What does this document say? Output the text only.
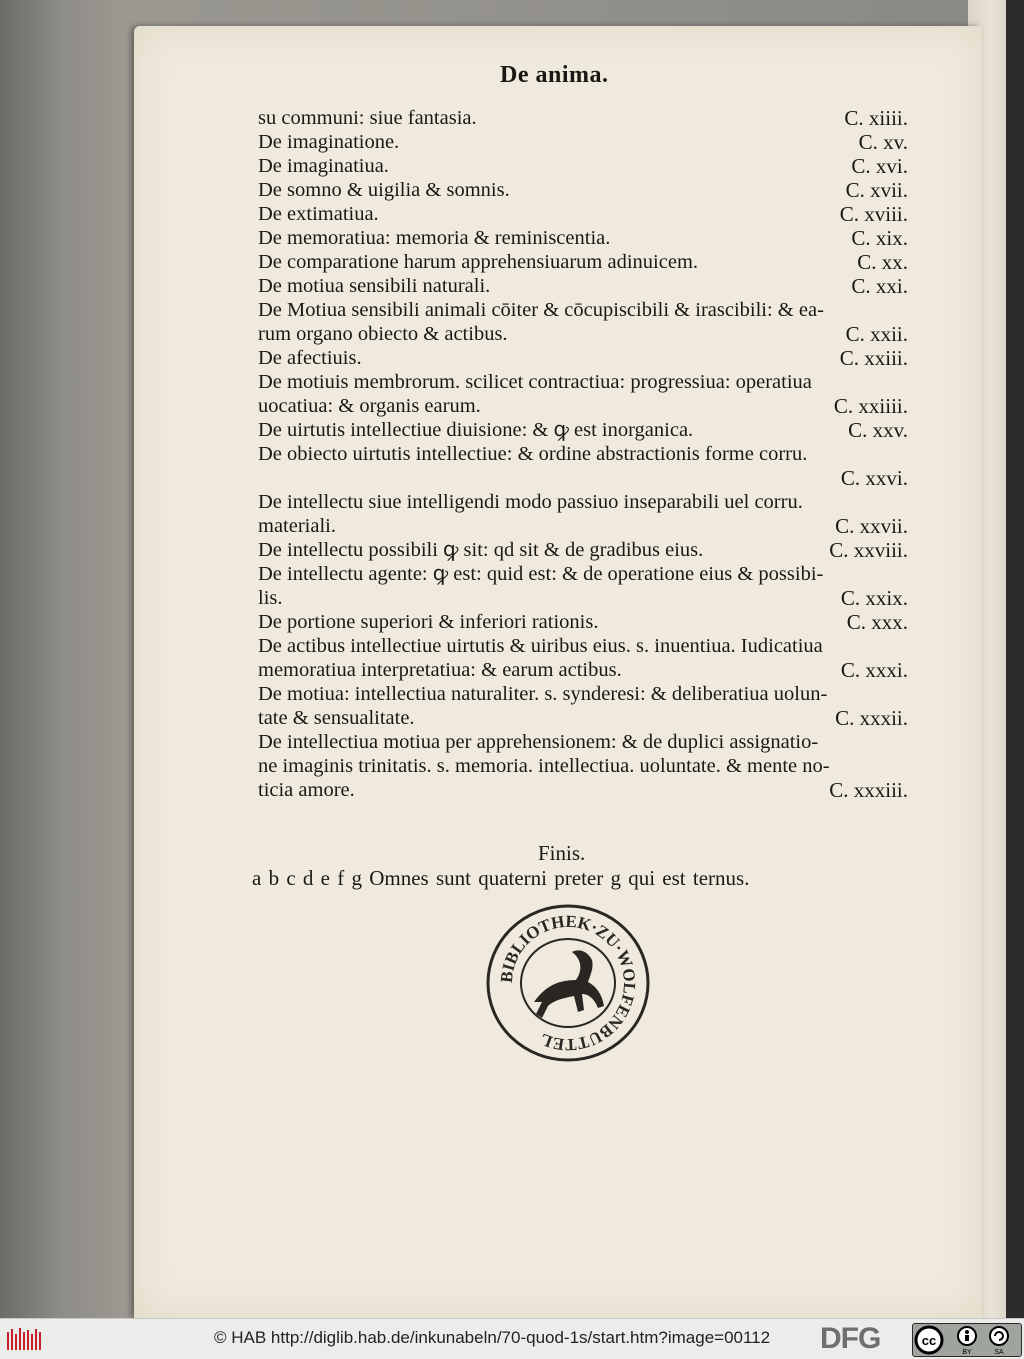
De anima.
su communi: siue fantasia.	C. xiiii.
De imaginatione.	C. xv.
De imaginatiua.	C. xvi.
De somno & uigilia & somnis.	C. xvii.
De extimatiua.	C. xviii.
De memoratiua: memoria & reminiscentia.	C. xix.
De comparatione harum apprehensiuarum adinuicem.	C. xx.
De motiua sensibili naturali.	C. xxi.
De Motiua sensibili animali cōiter & cōcupiscibili & irascibili: & ea-
rum organo obiecto & actibus.	C. xxii.
De afectiuis.	C. xxiii.
De motiuis membrorum. scilicet contractiua: progressiua: operatiua
uocatiua: & organis earum.	C. xxiiii.
De uirtutis intellectiue diuisione: & ꝙ est inorganica.	C. xxv.
De obiecto uirtutis intellectiue: & ordine abstractionis forme corru.
C. xxvi.
De intellectu siue intelligendi modo passiuo inseparabili uel corru.
materiali.	C. xxvii.
De intellectu possibili ꝙ sit: qd sit & de gradibus eius.	C. xxviii.
De intellectu agente: ꝙ est: quid est: & de operatione eius & possibi-
lis.	C. xxix.
De portione superiori & inferiori rationis.	C. xxx.
De actibus intellectiue uirtutis & uiribus eius. s. inuentiua. Iudicatiua
memoratiua interpretatiua: & earum actibus.	C. xxxi.
De motiua: intellectiua naturaliter. s. synderesi: & deliberatiua uolun-
tate & sensualitate.	C. xxxii.
De intellectiua motiua per apprehensionem: & de duplici assignatio-
ne imaginis trinitatis. s. memoria. intellectiua. uoluntate. & mente no-
ticia amore.	C. xxxiii.
Finis.
a b c d e f g Omnes sunt quaterni preter g qui est ternus.
BIBLIOTHEK·ZU·WOLFENBUTTEL
© HAB http://diglib.hab.de/inkunabeln/70-quod-1s/start.htm?image=00112 DFG	cc
BY	SA
